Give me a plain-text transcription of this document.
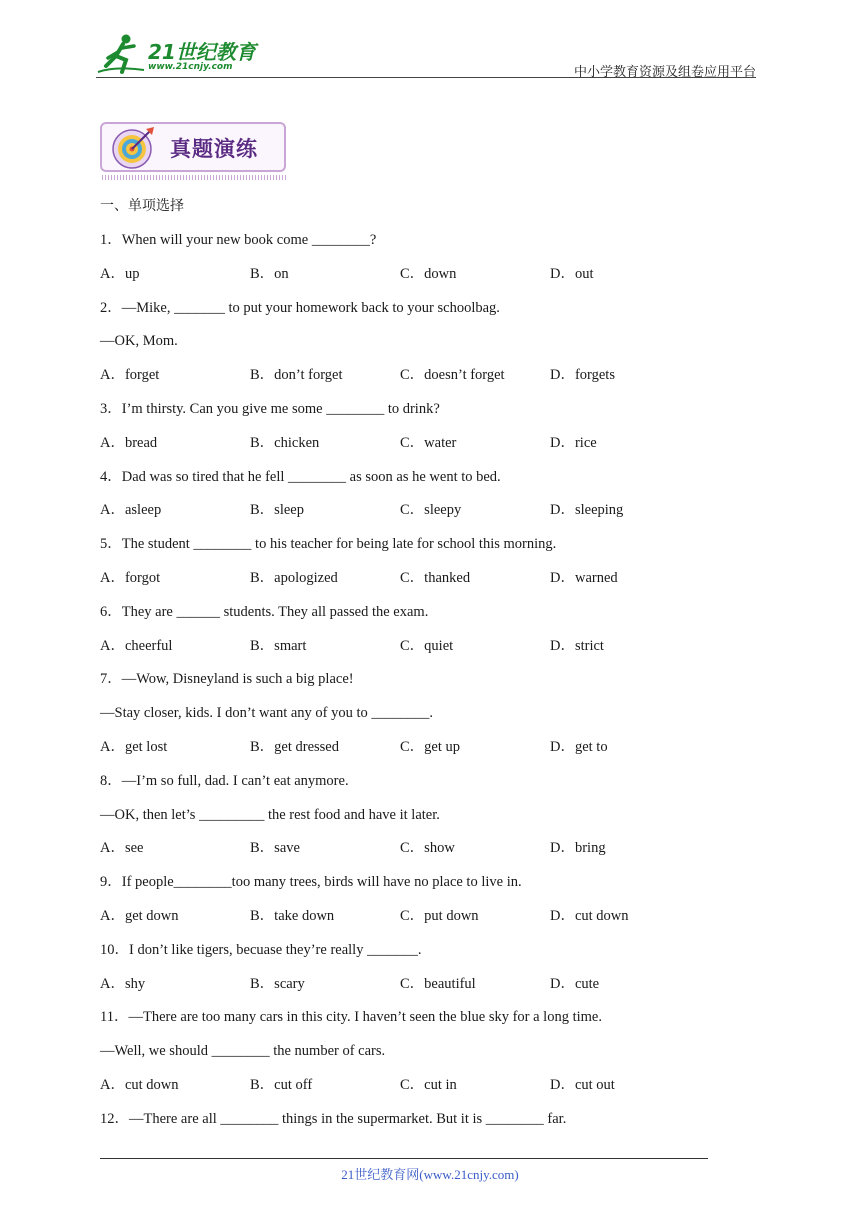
21世纪教育
www.21cnjy.com	中小学教育资源及组卷应用平台
真题演练
一、单项选择
1．When will your new book come ________?
A．up	B．on	C．down	D．out
2．—Mike, _______ to put your homework back to your schoolbag.
—OK, Mom.
A．forget	B．don’t forget	C．doesn’t forget	D．forgets
3．I’m thirsty. Can you give me some ________ to drink?
A．bread	B．chicken	C．water	D．rice
4．Dad was so tired that he fell ________ as soon as he went to bed.
A．asleep	B．sleep	C．sleepy	D．sleeping
5．The student ________ to his teacher for being late for school this morning.
A．forgot	B．apologized	C．thanked	D．warned
6．They are ______ students. They all passed the exam.
A．cheerful	B．smart	C．quiet	D．strict
7．—Wow, Disneyland is such a big place!
—Stay closer, kids. I don’t want any of you to ________.
A．get lost	B．get dressed	C．get up	D．get to
8．—I’m so full, dad. I can’t eat anymore.
—OK, then let’s _________ the rest food and have it later.
A．see	B．save	C．show	D．bring
9．If people________too many trees, birds will have no place to live in.
A．get down	B．take down	C．put down	D．cut down
10．I don’t like tigers, becuase they’re really _______.
A．shy	B．scary	C．beautiful	D．cute
11．—There are too many cars in this city. I haven’t seen the blue sky for a long time.
—Well, we should ________ the number of cars.
A．cut down	B．cut off	C．cut in	D．cut out
12．—There are all ________ things in the supermarket. But it is ________ far.
21世纪教育网(www.21cnjy.com)
